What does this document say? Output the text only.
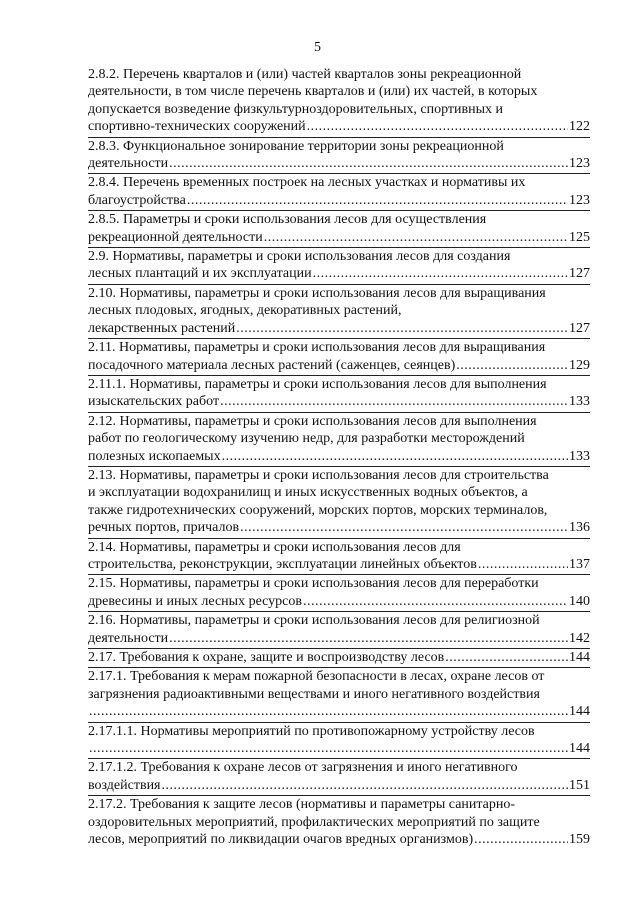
5
2.8.2. Перечень кварталов и (или) частей кварталов зоны рекреационной
деятельности, в том числе перечень кварталов и (или) их частей, в которых
допускается возведение физкультурноздоровительных, спортивных и
спортивно-технических сооружений .....	122
2.8.3. Функциональное зонирование территории зоны рекреационной
деятельности .....	123
2.8.4. Перечень временных построек на лесных участках и нормативы их
благоустройства .....	123
2.8.5. Параметры и сроки использования лесов для осуществления
рекреационной деятельности .....	125
2.9. Нормативы, параметры и сроки использования лесов для создания
лесных плантаций и их эксплуатации .....	127
2.10. Нормативы, параметры и сроки использования лесов для выращивания
лесных плодовых, ягодных, декоративных растений,
лекарственных растений .....	127
2.11. Нормативы, параметры и сроки использования лесов для выращивания
посадочного материала лесных растений (саженцев, сеянцев) .....	129
2.11.1. Нормативы, параметры и сроки использования лесов для выполнения
изыскательских работ .....	133
2.12. Нормативы, параметры и сроки использования лесов для выполнения
работ по геологическому изучению недр, для разработки месторождений
полезных ископаемых .....	133
2.13. Нормативы, параметры и сроки использования лесов для строительства
и эксплуатации водохранилищ и иных искусственных водных объектов, а
также гидротехнических сооружений, морских портов, морских терминалов,
речных портов, причалов .....	136
2.14. Нормативы, параметры и сроки использования лесов для
строительства, реконструкции, эксплуатации линейных объектов .....	137
2.15. Нормативы, параметры и сроки использования лесов для переработки
древесины и иных лесных ресурсов .....	140
2.16. Нормативы, параметры и сроки использования лесов для религиозной
деятельности .....	142
2.17. Требования к охране, защите и воспроизводству лесов .....	144
2.17.1. Требования к мерам пожарной безопасности в лесах, охране лесов от
загрязнения радиоактивными веществами и иного негативного воздействия
.....
144
2.17.1.1. Нормативы мероприятий по противопожарному устройству лесов
.....
144
2.17.1.2. Требования к охране лесов от загрязнения и иного негативного
воздействия .....	151
2.17.2. Требования к защите лесов (нормативы и параметры санитарно-
оздоровительных мероприятий, профилактических мероприятий по защите
лесов, мероприятий по ликвидации очагов вредных организмов) .....	159
